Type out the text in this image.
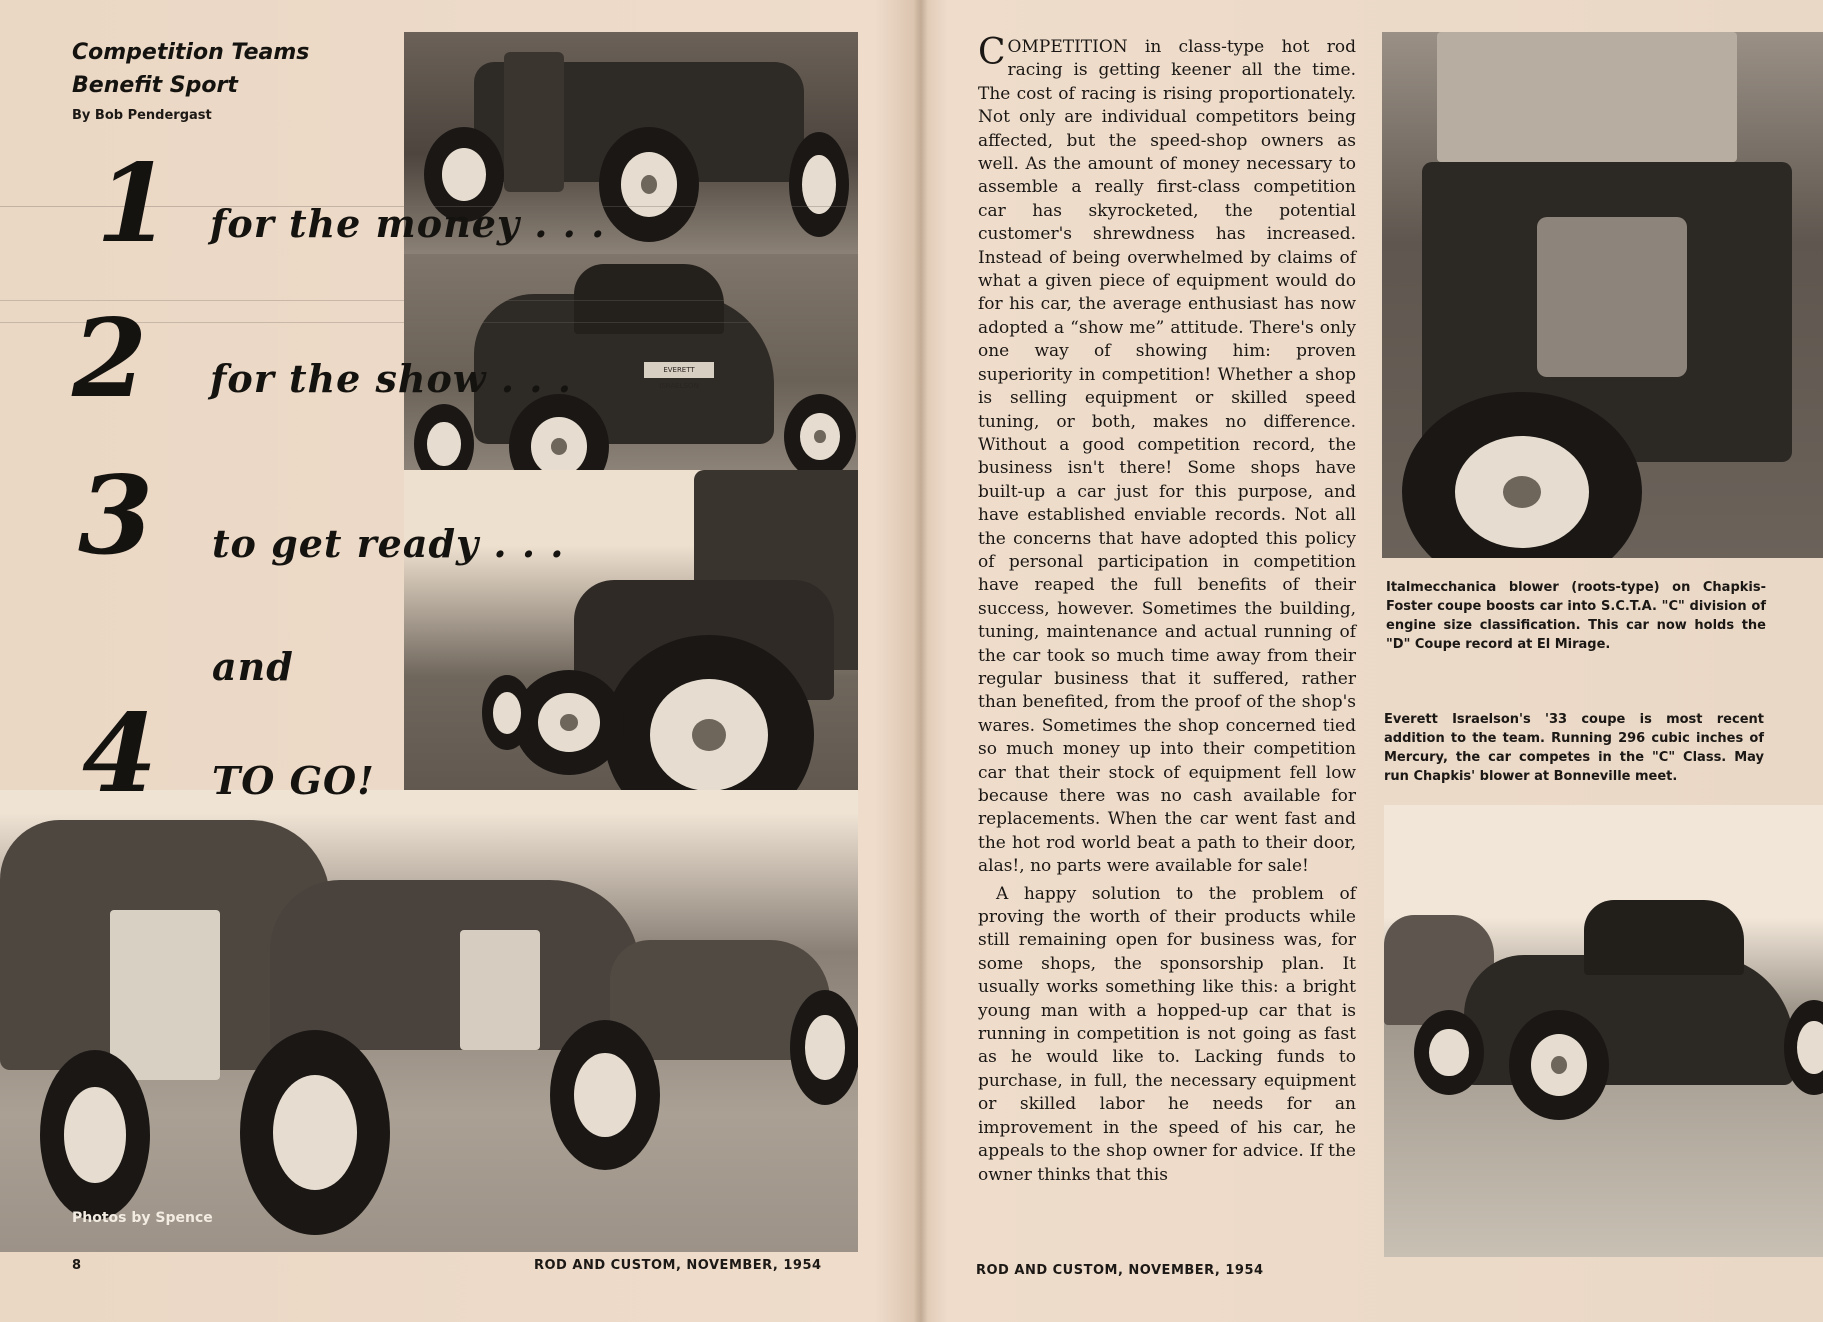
EVERETT ISRAELSON
Competition Teams
Benefit Sport
By Bob Pendergast
1 for the money . . .
2 for the show . . .
3 to get ready . . .
and
4 TO GO!
Photos by Spence
8	ROD AND CUSTOM, NOVEMBER, 1954

COMPETITION in class-type hot rod racing is getting keener all the time. The cost of racing is rising proportionately. Not only are individual competitors being affected, but the speed-shop owners as well. As the amount of money necessary to assemble a really first-class competition car has skyrocketed, the potential customer's shrewdness has increased. Instead of being overwhelmed by claims of what a given piece of equipment would do for his car, the average enthusiast has now adopted a “show me” attitude. There's only one way of showing him: proven superiority in competition! Whether a shop is selling equipment or skilled speed tuning, or both, makes no difference. Without a good competition record, the business isn't there! Some shops have built-up a car just for this purpose, and have established enviable records. Not all the concerns that have adopted this policy of personal participation in competition have reaped the full benefits of their success, however. Sometimes the building, tuning, maintenance and actual running of the car took so much time away from their regular business that it suffered, rather than benefited, from the proof of the shop's wares. Sometimes the shop concerned tied so much money up into their competition car that their stock of equipment fell low because there was no cash available for replacements. When the car went fast and the hot rod world beat a path to their door, alas!, no parts were available for sale!

A happy solution to the problem of proving the worth of their products while still remaining open for business was, for some shops, the sponsorship plan. It usually works something like this: a bright young man with a hopped-up car that is running in competition is not going as fast as he would like to. Lacking funds to purchase, in full, the necessary equipment or skilled labor he needs for an improvement in the speed of his car, he appeals to the shop owner for advice. If the owner thinks that this

Italmecchanica blower (roots-type) on Chapkis-Foster coupe boosts car into S.C.T.A. "C" division of engine size classification. This car now holds the "D" Coupe record at El Mirage.
Everett Israelson's '33 coupe is most recent addition to the team. Running 296 cubic inches of Mercury, the car competes in the "C" Class. May run Chapkis' blower at Bonneville meet.
ROD AND CUSTOM, NOVEMBER, 1954
